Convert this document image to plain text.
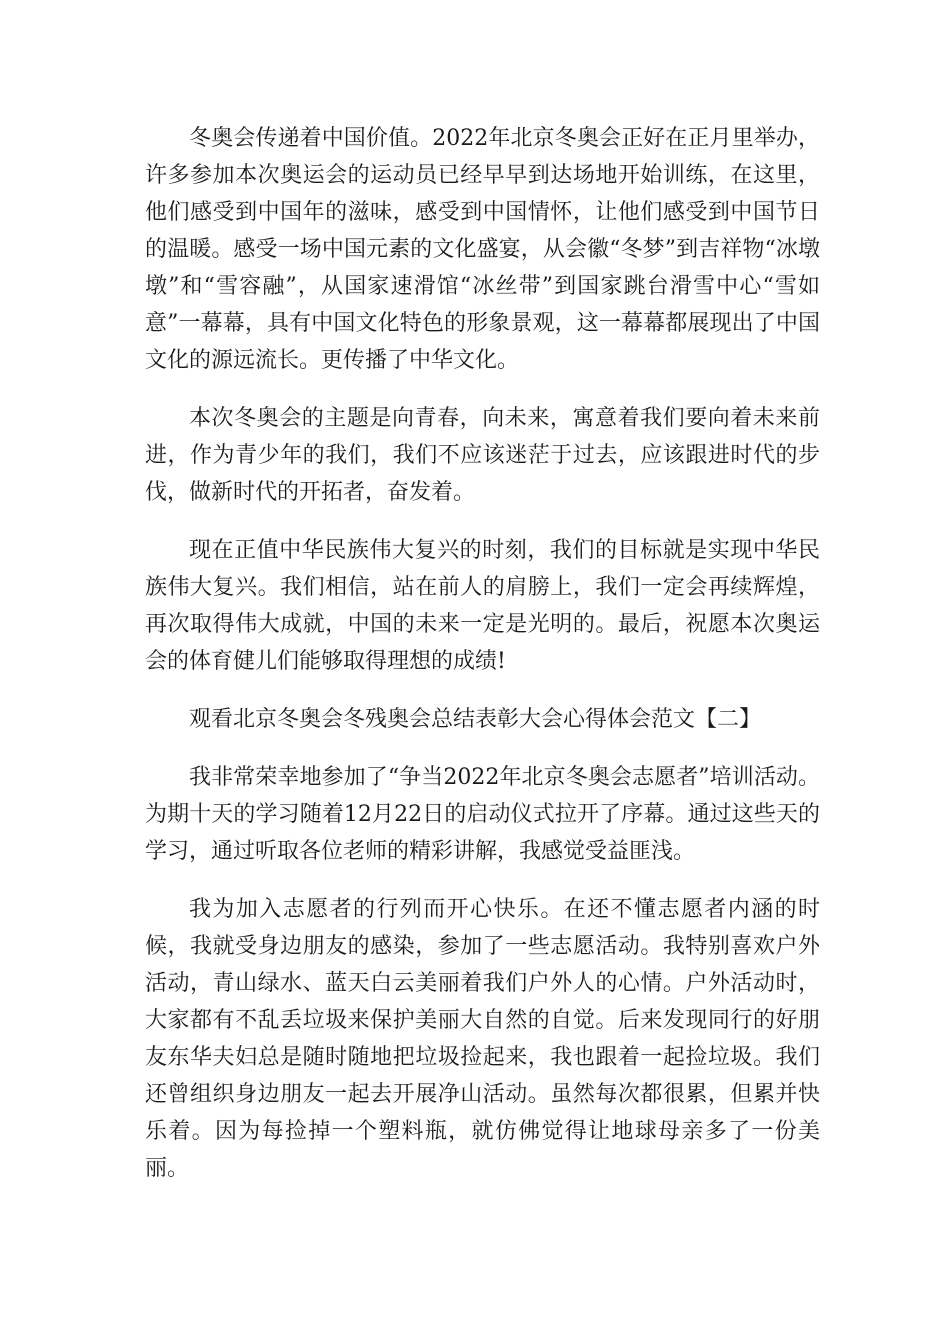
冬奥会传递着中国价值。2022年北京冬奥会正好在正月里举办，许多参加本次奥运会的运动员已经早早到达场地开始训练，在这里，他们感受到中国年的滋味，感受到中国情怀，让他们感受到中国节日的温暖。感受一场中国元素的文化盛宴，从会徽“冬梦”到吉祥物“冰墩墩”和“雪容融”，从国家速滑馆“冰丝带”到国家跳台滑雪中心“雪如意”一幕幕，具有中国文化特色的形象景观，这一幕幕都展现出了中国文化的源远流长。更传播了中华文化。

本次冬奥会的主题是向青春，向未来，寓意着我们要向着未来前进，作为青少年的我们，我们不应该迷茫于过去，应该跟进时代的步伐，做新时代的开拓者，奋发着。

现在正值中华民族伟大复兴的时刻，我们的目标就是实现中华民族伟大复兴。我们相信，站在前人的肩膀上，我们一定会再续辉煌，再次取得伟大成就，中国的未来一定是光明的。最后，祝愿本次奥运会的体育健儿们能够取得理想的成绩!

观看北京冬奥会冬残奥会总结表彰大会心得体会范文【二】

我非常荣幸地参加了“争当2022年北京冬奥会志愿者”培训活动。为期十天的学习随着12月22日的启动仪式拉开了序幕。通过这些天的学习，通过听取各位老师的精彩讲解，我感觉受益匪浅。

我为加入志愿者的行列而开心快乐。在还不懂志愿者内涵的时候，我就受身边朋友的感染，参加了一些志愿活动。我特别喜欢户外活动，青山绿水、蓝天白云美丽着我们户外人的心情。户外活动时，大家都有不乱丢垃圾来保护美丽大自然的自觉。后来发现同行的好朋友东华夫妇总是随时随地把垃圾捡起来，我也跟着一起捡垃圾。我们还曾组织身边朋友一起去开展净山活动。虽然每次都很累，但累并快乐着。因为每捡掉一个塑料瓶，就仿佛觉得让地球母亲多了一份美丽。
